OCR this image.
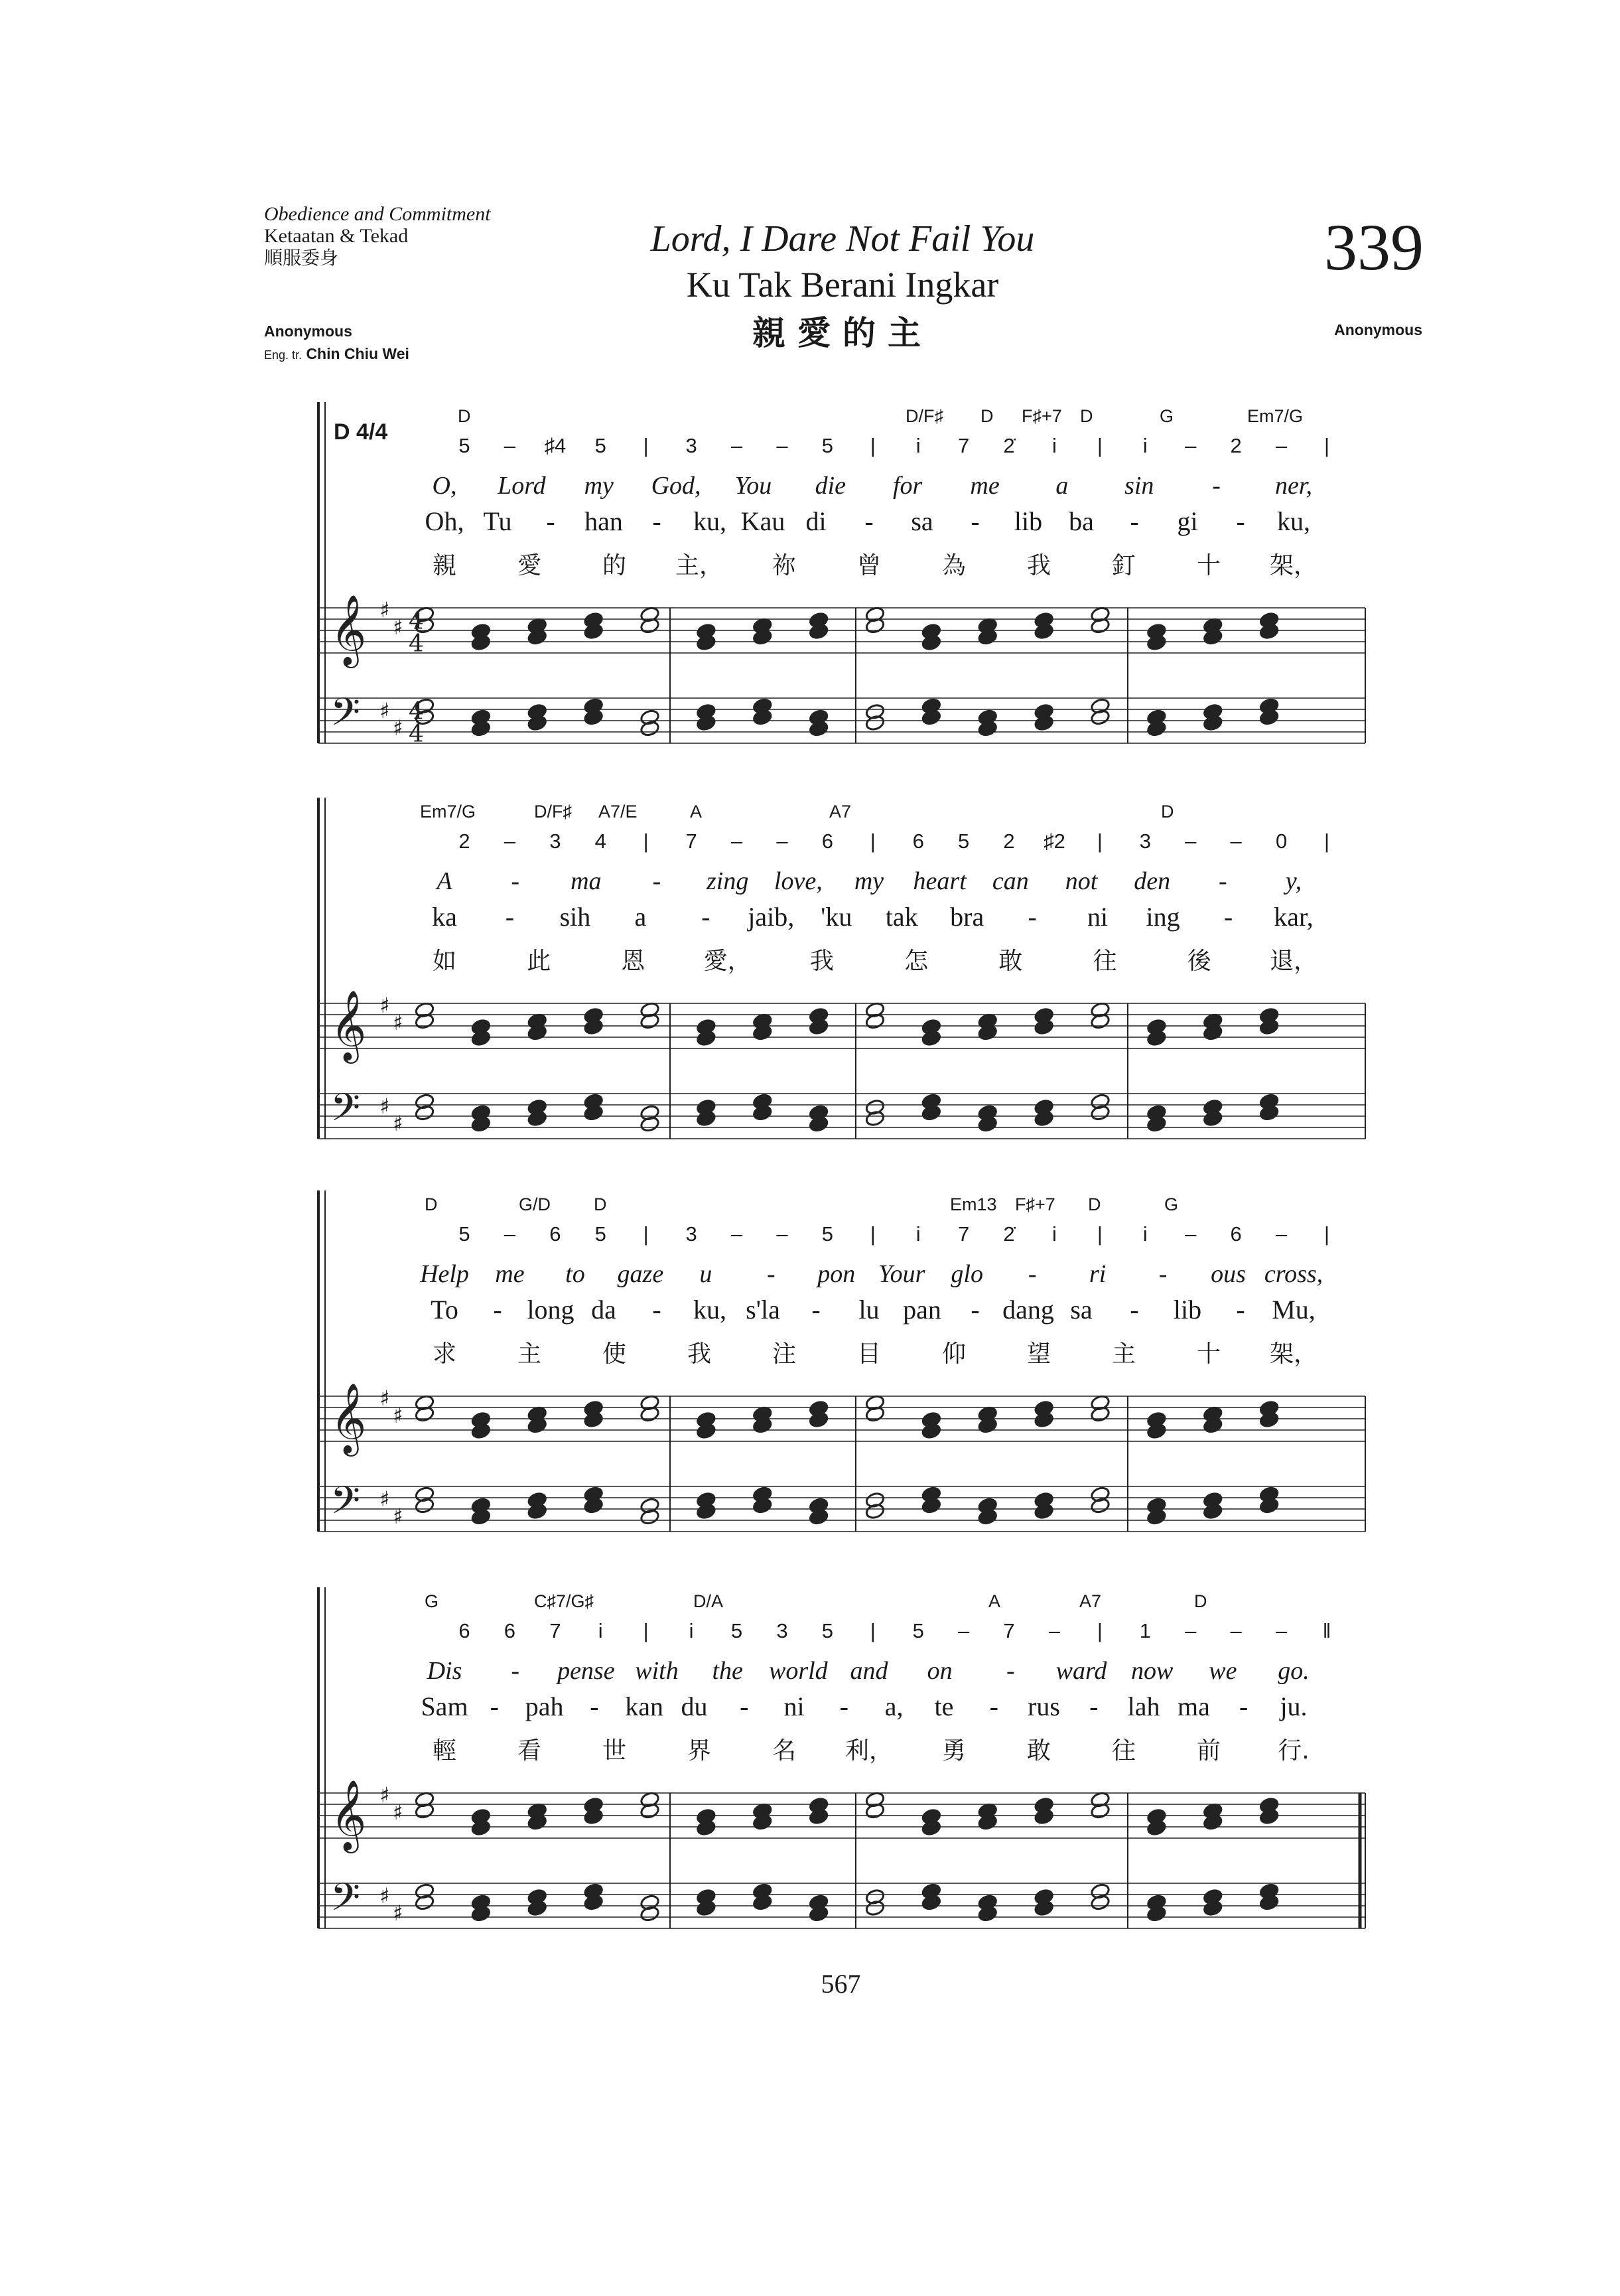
Obedience and Commitment
Ketaatan & Tekad
順服委身
Anonymous
Eng. tr. Chin Chiu Wei
Lord, I Dare Not Fail You
Ku Tak Berani Ingkar
親愛的主
339
Anonymous
D 4/4
𝄞 ♯
♯ 4
4
𝄢 ♯
♯
4
4
𝄞 ♯
♯
𝄢 ♯
♯
𝄞 ♯
♯
𝄢 ♯
♯
𝄞 ♯
♯
𝄢 ♯
♯
D	D/F♯ D F♯+7 D	G	Em7/G
5 – ♯4 5 | 3 – – 5 | i 7 2̇ i | i – 2 – |
O, Lord my God, You die for me a sin - ner,
Oh, Tu - han - ku, Kau di - sa - lib ba - gi - ku,
親	愛	的 主， 祢	曾	為	我	釘	十 架，
Em7/G	D/F♯ A7/E	A	A7	D
2 – 3 4 | 7 – – 6 | 6 5 2 ♯2 | 3 – – 0 |
A - ma - zing love, my heart can not den - y,
ka - sih a - jaib, 'ku tak bra - ni ing - kar,
如	此	恩 愛， 我	怎	敢	往	後 退，
D	G/D D	Em13 F♯+7 D	G
5 – 6 5 | 3 – – 5 | i 7 2̇ i | i – 6 – |
Help me to gaze u - pon Your glo - ri - ous cross,
To - long da - ku, s'la - lu pan - dang sa - lib - Mu,
求	主	使	我	注	目	仰	望	主	十 架，
G	C♯7/G♯	D/A	A	A7	D
6 6 7 i | i 5 3 5 | 5 – 7 – | 1 – – – ‖
Dis - pense with the world and on - ward now we go.
Sam - pah - kan du - ni - a, te - rus - lah ma - ju.
輕	看	世	界	名 利， 勇	敢	往	前 行.
567
